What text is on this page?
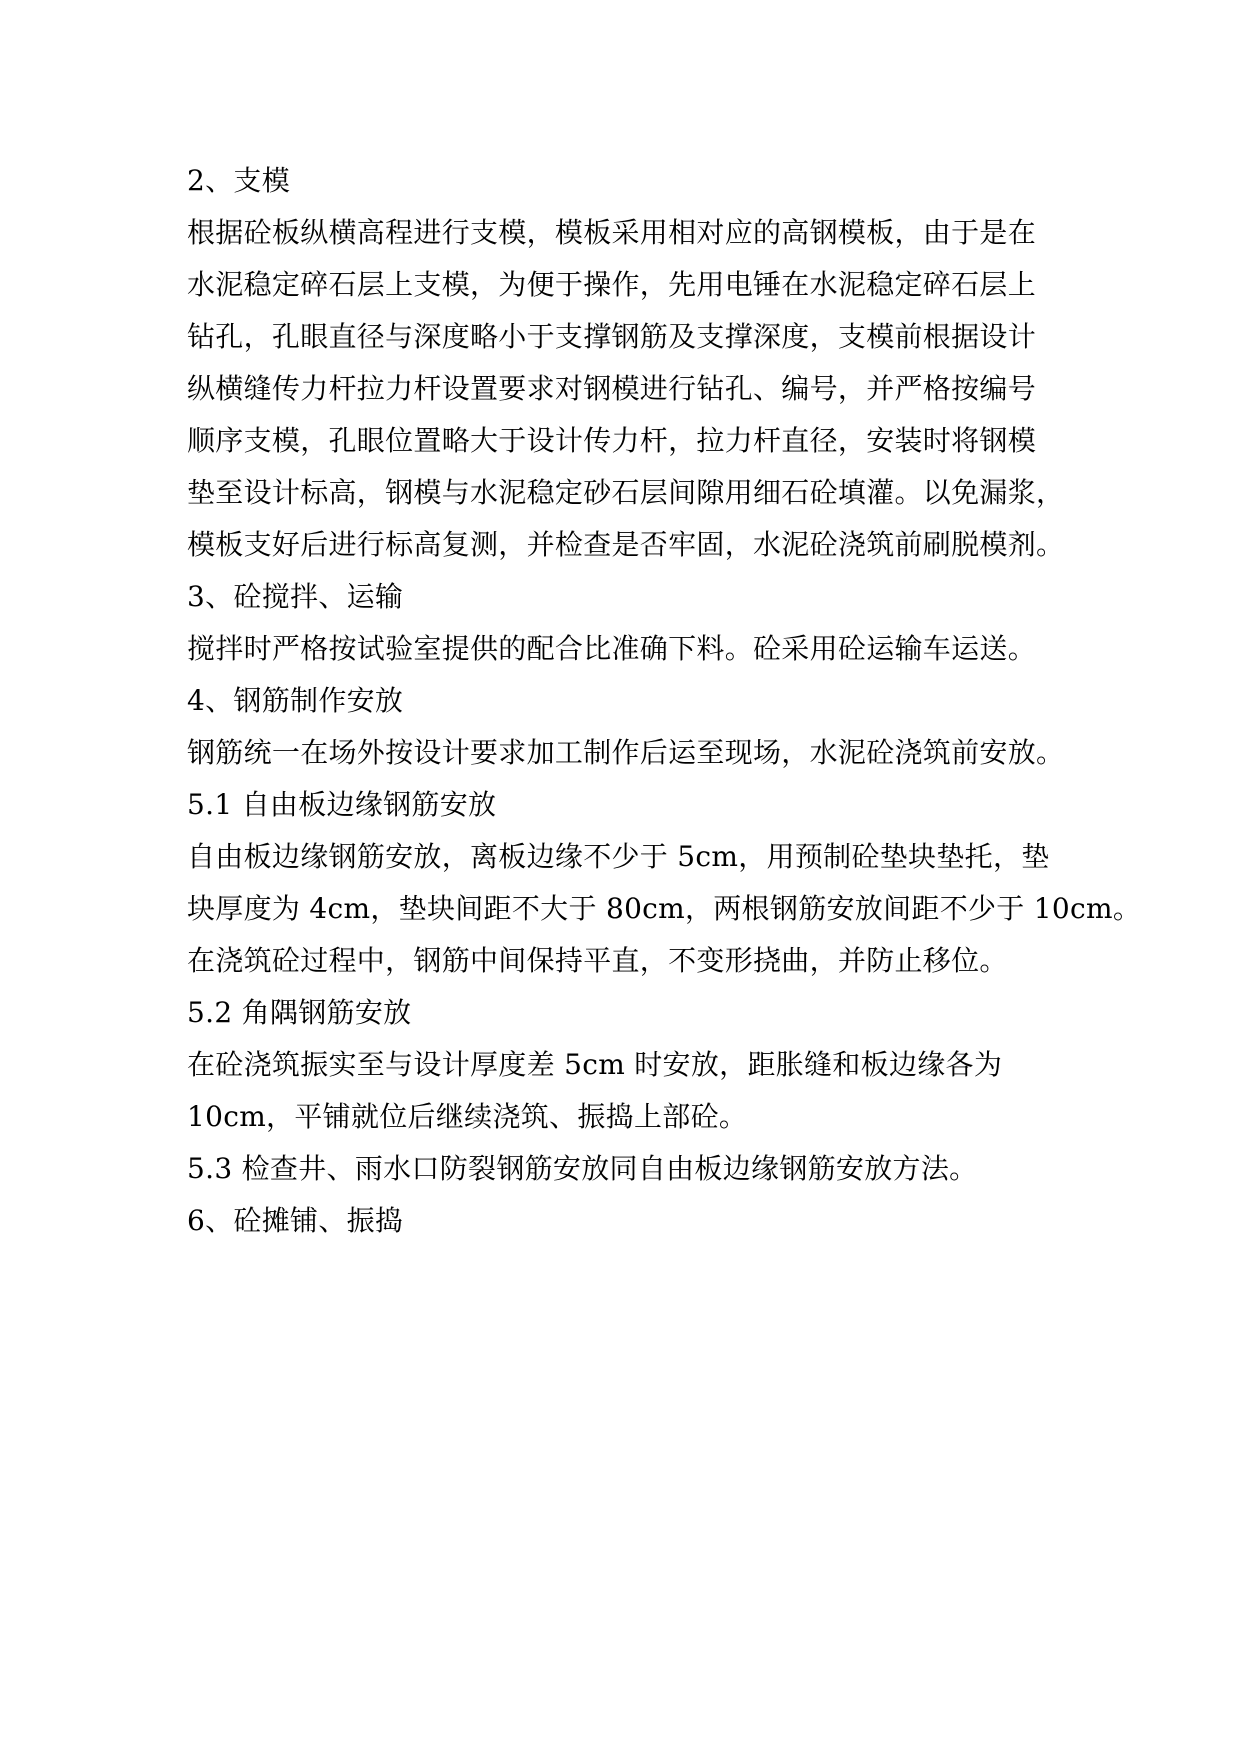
2、支模
根据砼板纵横高程进行支模，模板采用相对应的高钢模板，由于是在
水泥稳定碎石层上支模，为便于操作，先用电锤在水泥稳定碎石层上
钻孔，孔眼直径与深度略小于支撑钢筋及支撑深度，支模前根据设计
纵横缝传力杆拉力杆设置要求对钢模进行钻孔、编号，并严格按编号
顺序支模，孔眼位置略大于设计传力杆，拉力杆直径，安装时将钢模
垫至设计标高，钢模与水泥稳定砂石层间隙用细石砼填灌。以免漏浆，
模板支好后进行标高复测，并检查是否牢固，水泥砼浇筑前刷脱模剂。
3、砼搅拌、运输
搅拌时严格按试验室提供的配合比准确下料。砼采用砼运输车运送。
4、钢筋制作安放
钢筋统一在场外按设计要求加工制作后运至现场，水泥砼浇筑前安放。
5.1 自由板边缘钢筋安放
自由板边缘钢筋安放，离板边缘不少于 5cm，用预制砼垫块垫托，垫
块厚度为 4cm，垫块间距不大于 80cm，两根钢筋安放间距不少于 10cm。
在浇筑砼过程中，钢筋中间保持平直，不变形挠曲，并防止移位。
5.2 角隅钢筋安放
在砼浇筑振实至与设计厚度差 5cm 时安放，距胀缝和板边缘各为
10cm，平铺就位后继续浇筑、振捣上部砼。
5.3 检查井、雨水口防裂钢筋安放同自由板边缘钢筋安放方法。
6、砼摊铺、振捣
